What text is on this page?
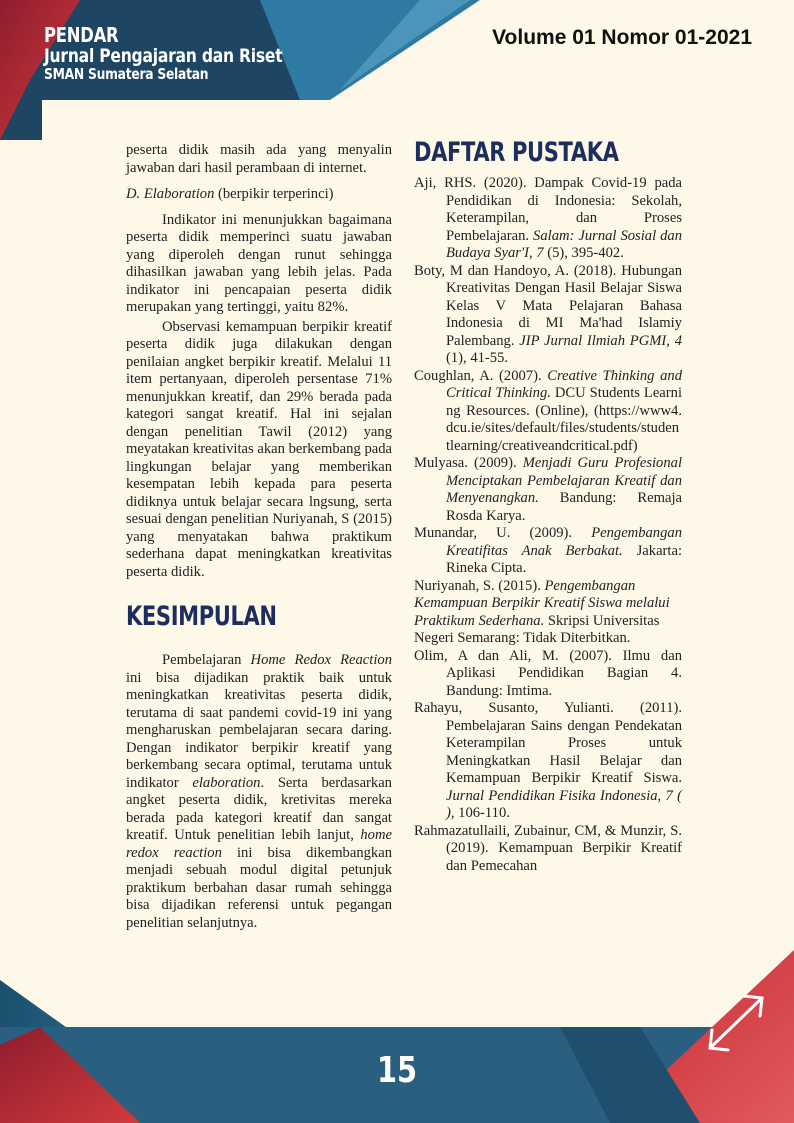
PENDAR
Jurnal Pengajaran dan Riset
SMAN Sumatera Selatan
Volume 01 Nomor 01-2021

peserta didik masih ada yang menyalin jawaban dari hasil perambaan di internet.

D. Elaboration (berpikir terperinci)

Indikator ini menunjukkan bagaimana peserta didik memperinci suatu jawaban yang diperoleh dengan runut sehingga dihasilkan jawaban yang lebih jelas. Pada indikator ini pencapaian peserta didik merupakan yang tertinggi, yaitu 82%.

Observasi kemampuan berpikir kreatif peserta didik juga dilakukan dengan penilaian angket berpikir kreatif. Melalui 11 item pertanyaan, diperoleh persentase 71% menunjukkan kreatif, dan 29% berada pada kategori sangat kreatif. Hal ini sejalan dengan penelitian Tawil (2012) yang meyatakan kreativitas akan berkembang pada lingkungan belajar yang memberikan kesempatan lebih kepada para peserta didiknya untuk belajar secara lngsung, serta sesuai dengan penelitian Nuriyanah, S (2015) yang menyatakan bahwa praktikum sederhana dapat meningkatkan kreativitas peserta didik.

KESIMPULAN

Pembelajaran Home Redox Reaction ini bisa dijadikan praktik baik untuk meningkatkan kreativitas peserta didik, terutama di saat pandemi covid-19 ini yang mengharuskan pembelajaran secara daring. Dengan indikator berpikir kreatif yang berkembang secara optimal, terutama untuk indikator elaboration. Serta berdasarkan angket peserta didik, kretivitas mereka berada pada kategori kreatif dan sangat kreatif. Untuk penelitian lebih lanjut, home redox reaction ini bisa dikembangkan menjadi sebuah modul digital petunjuk praktikum berbahan dasar rumah sehingga bisa dijadikan referensi untuk pegangan penelitian selanjutnya.

DAFTAR PUSTAKA

Aji, RHS. (2020). Dampak Covid-19 pada Pendidikan di Indonesia: Sekolah, Keterampilan, dan Proses Pembelajaran. Salam: Jurnal Sosial dan Budaya Syar'I, 7 (5), 395-402.

Boty, M dan Handoyo, A. (2018). Hubungan Kreativitas Dengan Hasil Belajar Siswa Kelas V Mata Pelajaran Bahasa Indonesia di MI Ma'had Islamiy Palembang. JIP Jurnal Ilmiah PGMI, 4 (1), 41-55.

Coughlan, A. (2007). Creative Thinking and Critical Thinking. DCU Students Learning Resources. (Online), (https://www4.dcu.ie/sites/default/files/students/studentlearning/creativeandcritical.pdf)

Mulyasa. (2009). Menjadi Guru Profesional Menciptakan Pembelajaran Kreatif dan Menyenangkan. Bandung: Remaja Rosda Karya.

Munandar, U. (2009). Pengembangan Kreatifitas Anak Berbakat. Jakarta: Rineka Cipta.

Nuriyanah, S. (2015). Pengembangan Kemampuan Berpikir Kreatif Siswa melalui Praktikum Sederhana. Skripsi Universitas Negeri Semarang: Tidak Diterbitkan.

Olim, A dan Ali, M. (2007). Ilmu dan Aplikasi Pendidikan Bagian 4. Bandung: Imtima.

Rahayu, Susanto, Yulianti. (2011). Pembelajaran Sains dengan Pendekatan Keterampilan Proses untuk Meningkatkan Hasil Belajar dan Kemampuan Berpikir Kreatif Siswa. Jurnal Pendidikan Fisika Indonesia, 7 ( ), 106-110.

Rahmazatullaili, Zubainur, CM, & Munzir, S. (2019). Kemampuan Berpikir Kreatif dan Pemecahan

15
